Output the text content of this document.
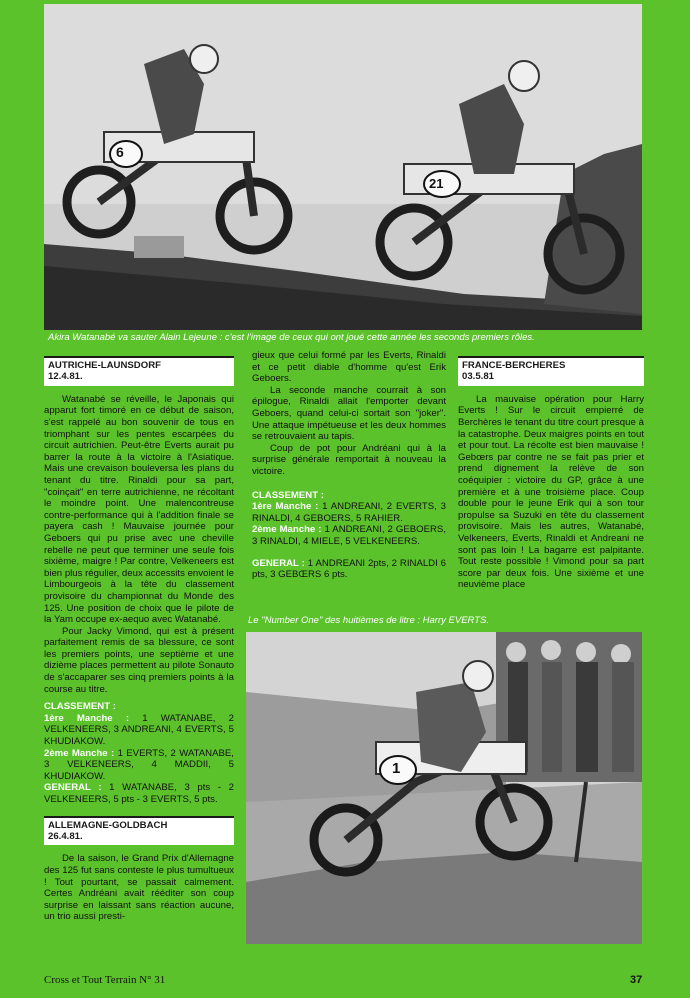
6
21
Akira Watanabé va sauter Alain Lejeune : c'est l'image de ceux qui ont joué cette année les seconds premiers rôles.
AUTRICHE-LAUNSDORF
12.4.81.

Watanabé se réveille, le Japonais qui apparut fort timoré en ce début de saison, s'est rappelé au bon souvenir de tous en triomphant sur les pentes escarpées du circuit autrichien. Peut-être Everts aurait pu barrer la route à la victoire à l'Asiatique. Mais une crevaison bouleversa les plans du tenant du titre. Rinaldi pour sa part, "coinçait" en terre autrichienne, ne récoltant le moindre point. Une malencontreuse contre-performance qui à l'addition finale se payera cash ! Mauvaise journée pour Geboers qui pu prise avec une cheville rebelle ne peut que terminer une seule fois sixième, maigre ! Par contre, Velkeneers est bien plus régulier, deux accessits envoient le Limbourgeois à la tête du classement provisoire du championnat du Monde des 125. Une position de choix que le pilote de la Yam occupe ex-aequo avec Watanabé.

Pour Jacky Vimond, qui est à présent parfaitement remis de sa blessure, ce sont les premiers points, une septième et une dizième places permettent au pilote Sonauto de s'accaparer ses cinq premiers points à la course au titre.

CLASSEMENT :

1ère Manche : 1 WATANABE, 2 VELKENEERS, 3 ANDREANI, 4 EVERTS, 5 KHUDIAKOW.

2ème Manche : 1 EVERTS, 2 WATANABE, 3 VELKENEERS, 4 MADDII, 5 KHUDIAKOW.

GENERAL : 1 WATANABE, 3 pts - 2 VELKENEERS, 5 pts - 3 EVERTS, 5 pts.

ALLEMAGNE-GOLDBACH
26.4.81.

De la saison, le Grand Prix d'Allemagne des 125 fut sans conteste le plus tumultueux ! Tout pourtant, se passait calmement. Certes Andréani avait rééditer son coup surprise en laissant sans réaction aucune, un trio aussi presti-

gieux que celui formé par les Everts, Rinaldi et ce petit diable d'homme qu'est Erik Geboers.

La seconde manche courrait à son épilogue, Rinaldi allait l'emporter devant Geboers, quand celui-ci sortait son "joker". Une attaque impétueuse et les deux hommes se retrouvaient au tapis.

Coup de pot pour Andréani qui à la surprise générale remportait à nouveau la victoire.

CLASSEMENT :

1ère Manche : 1 ANDREANI, 2 EVERTS, 3 RINALDI, 4 GEBOERS, 5 RAHIER.

2ème Manche : 1 ANDREANI, 2 GEBOERS, 3 RINALDI, 4 MIELE, 5 VELKENEERS.

GENERAL : 1 ANDREANI 2pts, 2 RINALDI 6 pts, 3 GEBŒRS 6 pts.

FRANCE-BERCHERES
03.5.81

La mauvaise opération pour Harry Everts ! Sur le circuit empierré de Berchères le tenant du titre court presque à la catastrophe. Deux maigres points en tout et pour tout. La récolte est bien mauvaise ! Gebœrs par contre ne se fait pas prier et prend dignement la relève de son coéquipier : victoire du GP, grâce à une première et à une troisième place. Coup double pour le jeune Erik qui à son tour propulse sa Suzuki en tête du classement provisoire. Mais les autres, Watanabé, Velkeneers, Everts, Rinaldi et Andreani ne sont pas loin ! La bagarre est palpitante. Tout reste possible ! Vimond pour sa part score par deux fois. Une sixième et une neuvième place

Le "Number One" des huitièmes de litre : Harry EVERTS.
1
Cross et Tout Terrain N° 31	37
